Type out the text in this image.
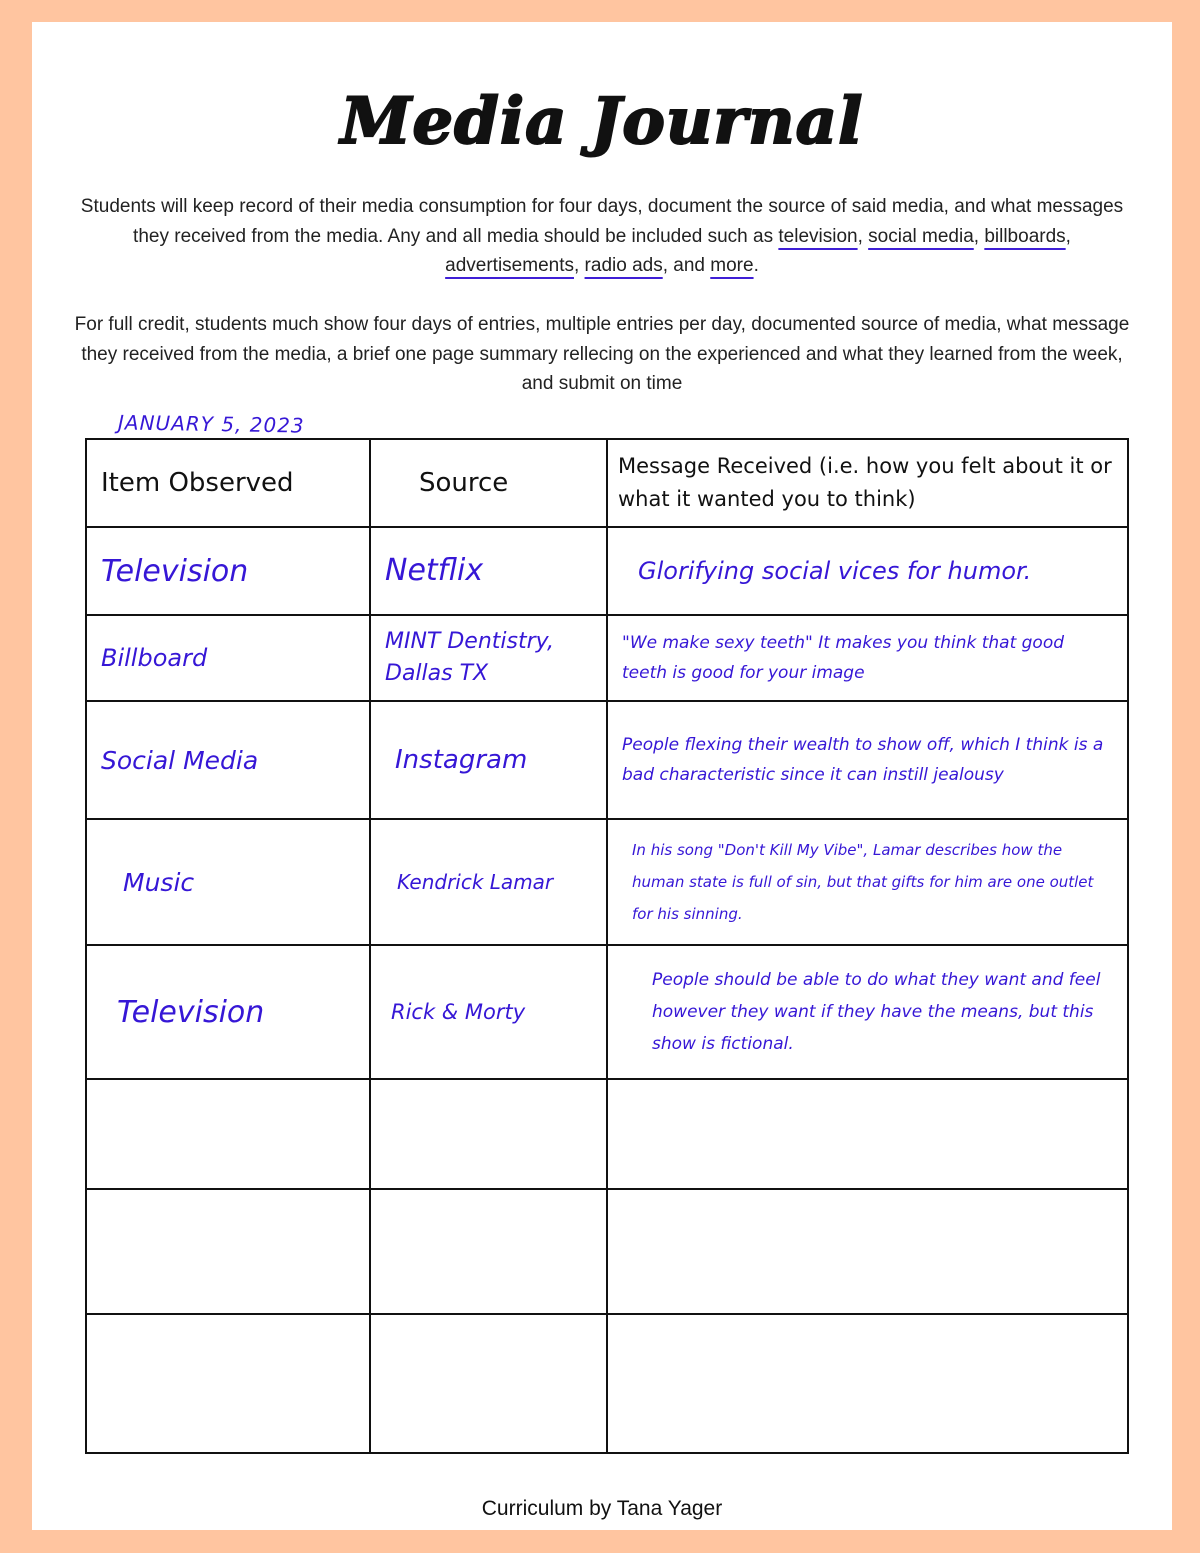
Media Journal
Students will keep record of their media consumption for four days, document the source of said media, and what messages they received from the media. Any and all media should be included such as television, social media, billboards, advertisements, radio ads, and more.
For full credit, students much show four days of entries, multiple entries per day, documented source of media, what message they received from the media, a brief one page summary rellecing on the experienced and what they learned from the week, and submit on time
JANUARY 5, 2023
Item Observed	Source	Message Received (i.e. how you felt about it or what it wanted you to think)
Television	Netflix	Glorifying social vices for humor.
Billboard	MINT Dentistry, Dallas TX	"We make sexy teeth" It makes you think that good teeth is good for your image
Social Media	Instagram	People flexing their wealth to show off, which I think is a bad characteristic since it can instill jealousy
Music	Kendrick Lamar	In his song "Don't Kill My Vibe", Lamar describes how the human state is full of sin, but that gifts for him are one outlet for his sinning.
Television	Rick & Morty	People should be able to do what they want and feel however they want if they have the means, but this show is fictional.

Curriculum by Tana Yager
